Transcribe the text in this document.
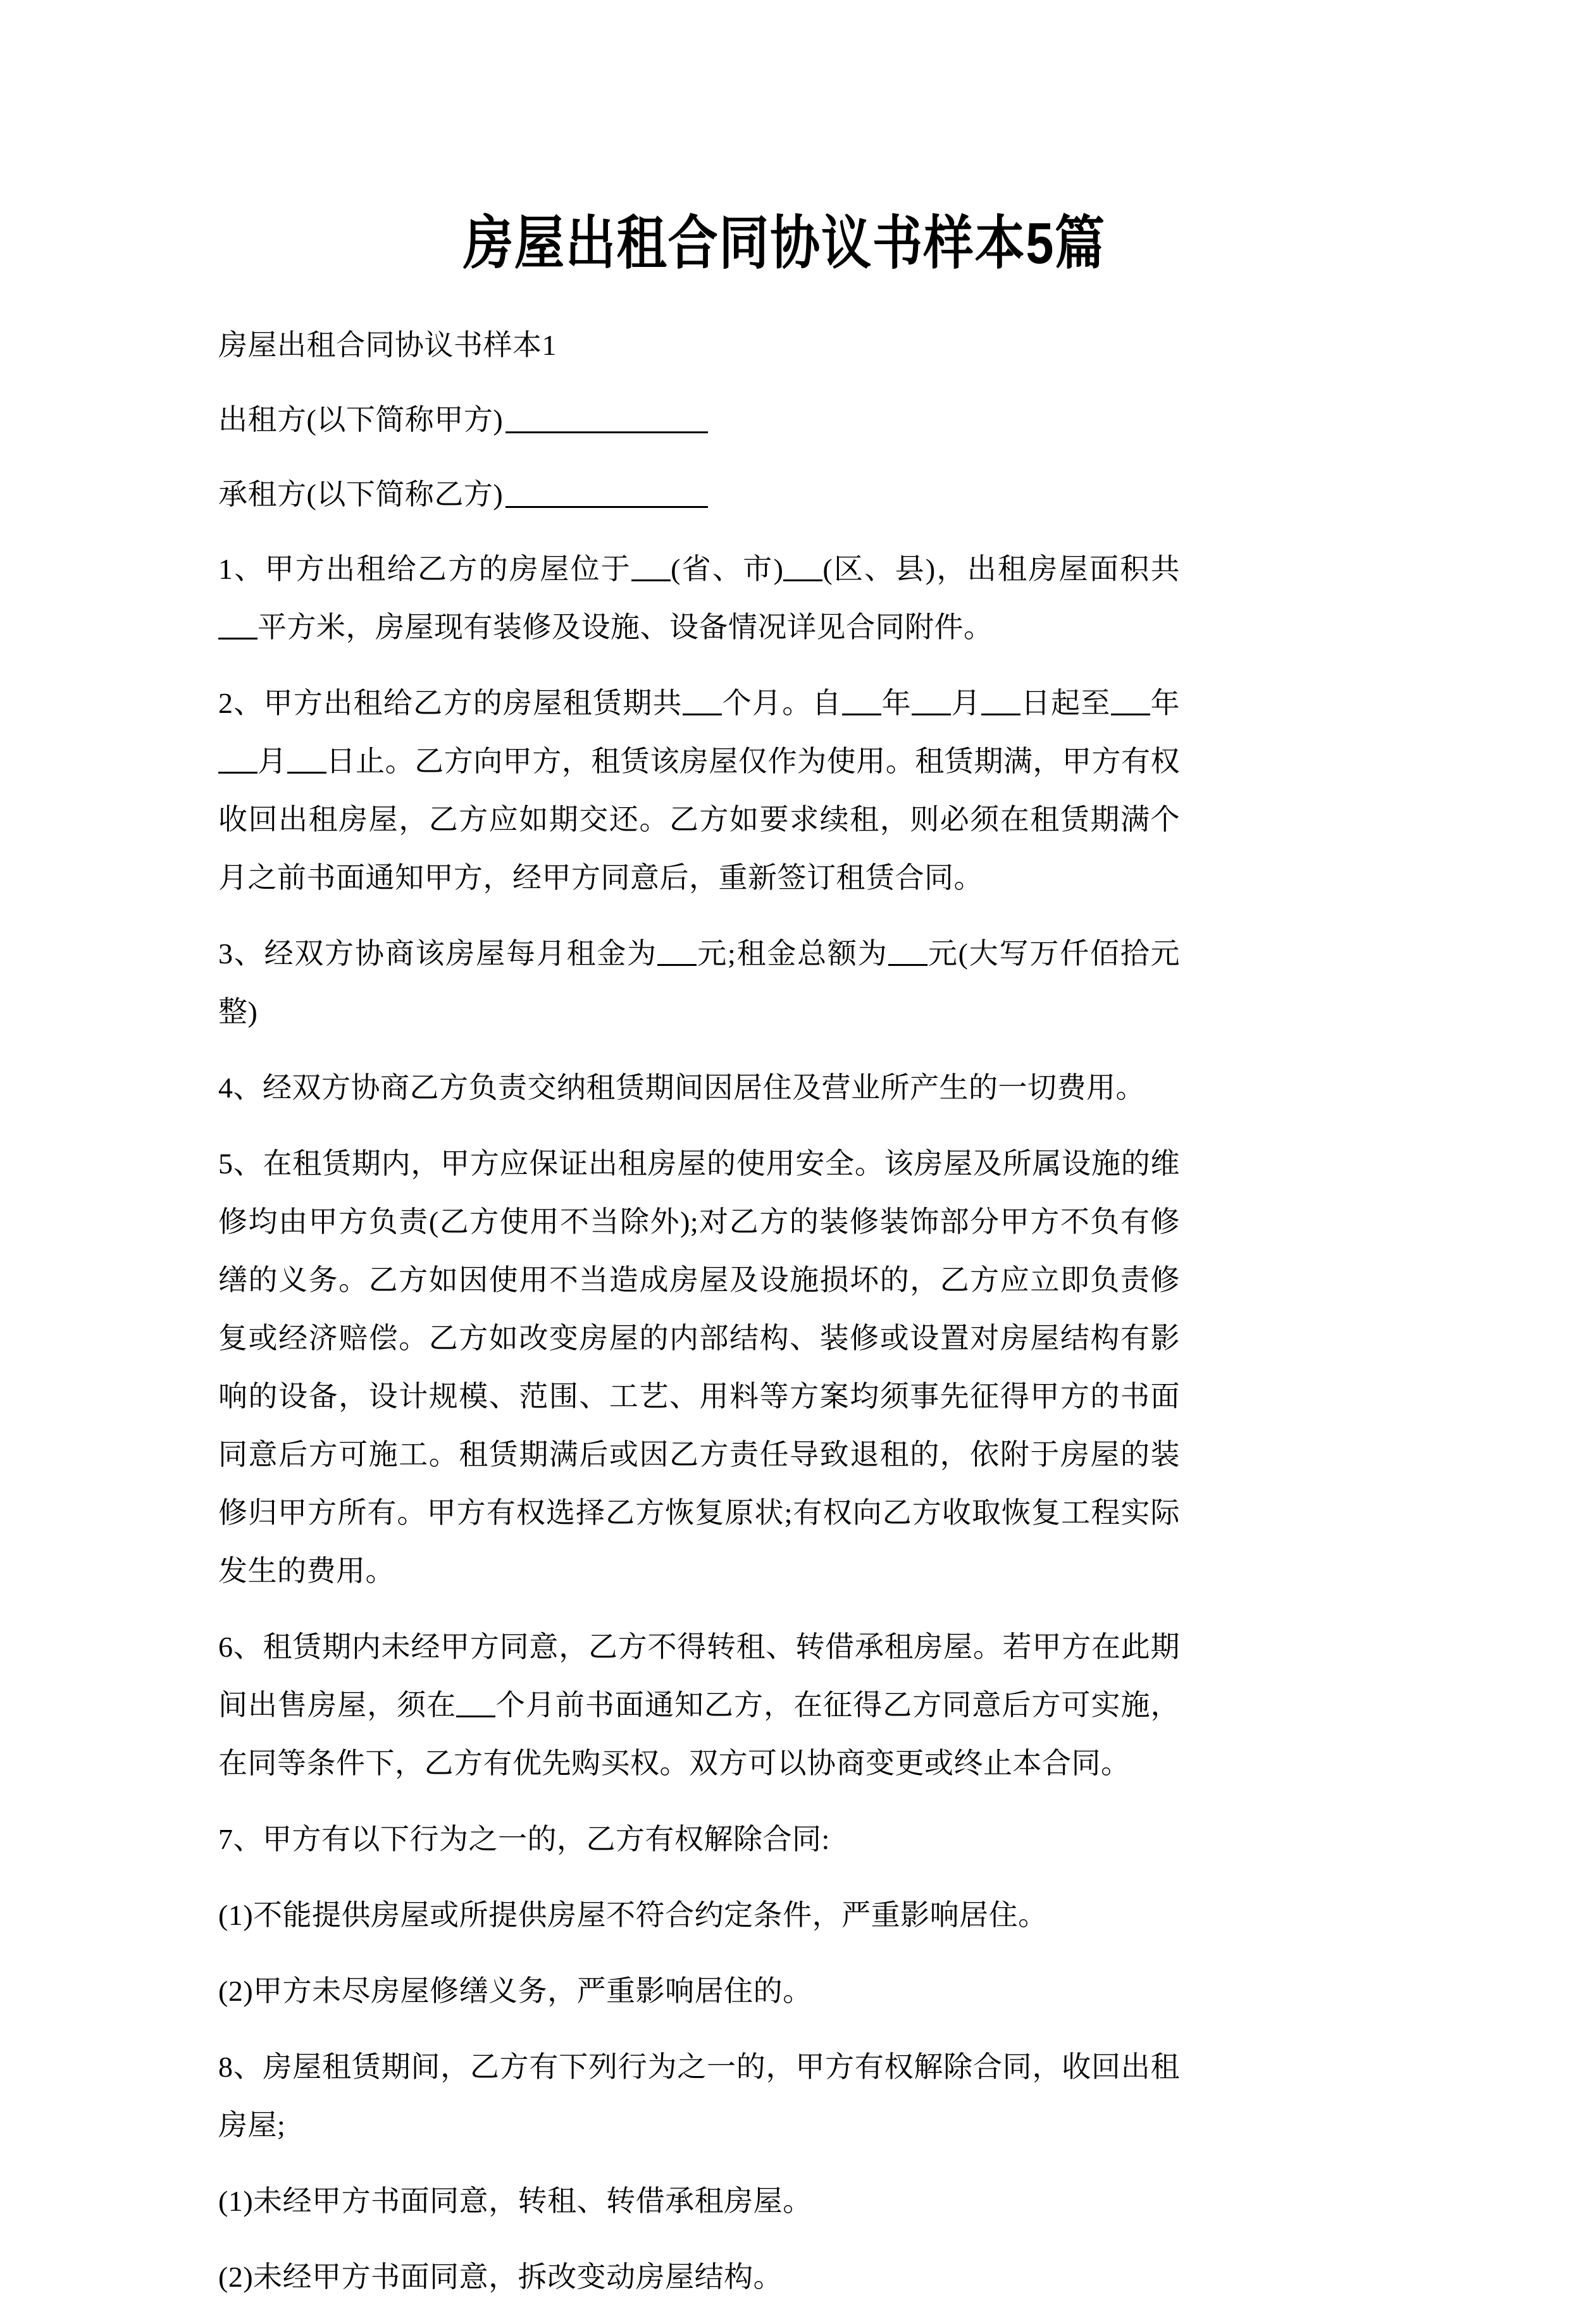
房屋出租合同协议书样本5篇

房屋出租合同协议书样本1

出租方(以下简称甲方)

承租方(以下简称乙方)

1、甲方出租给乙方的房屋位于 (省、市) (区、县)，出租房屋面积共平方米，房屋现有装修及设施、设备情况详见合同附件。

2、甲方出租给乙方的房屋租赁期共 个月。自 年 月 日起至 年月 日止。乙方向甲方，租赁该房屋仅作为使用。租赁期满，甲方有权收回出租房屋，乙方应如期交还。乙方如要求续租，则必须在租赁期满个月之前书面通知甲方，经甲方同意后，重新签订租赁合同。

3、经双方协商该房屋每月租金为 元;租金总额为 元(大写万仟佰拾元整)

4、经双方协商乙方负责交纳租赁期间因居住及营业所产生的一切费用。

5、在租赁期内，甲方应保证出租房屋的使用安全。该房屋及所属设施的维修均由甲方负责(乙方使用不当除外);对乙方的装修装饰部分甲方不负有修缮的义务。乙方如因使用不当造成房屋及设施损坏的，乙方应立即负责修复或经济赔偿。乙方如改变房屋的内部结构、装修或设置对房屋结构有影响的设备，设计规模、范围、工艺、用料等方案均须事先征得甲方的书面同意后方可施工。租赁期满后或因乙方责任导致退租的，依附于房屋的装修归甲方所有。甲方有权选择乙方恢复原状;有权向乙方收取恢复工程实际发生的费用。

6、租赁期内未经甲方同意，乙方不得转租、转借承租房屋。若甲方在此期间出售房屋，须在 个月前书面通知乙方，在征得乙方同意后方可实施，在同等条件下，乙方有优先购买权。双方可以协商变更或终止本合同。

7、甲方有以下行为之一的，乙方有权解除合同:

(1)不能提供房屋或所提供房屋不符合约定条件，严重影响居住。

(2)甲方未尽房屋修缮义务，严重影响居住的。

8、房屋租赁期间，乙方有下列行为之一的，甲方有权解除合同，收回出租房屋;

(1)未经甲方书面同意，转租、转借承租房屋。

(2)未经甲方书面同意，拆改变动房屋结构。
